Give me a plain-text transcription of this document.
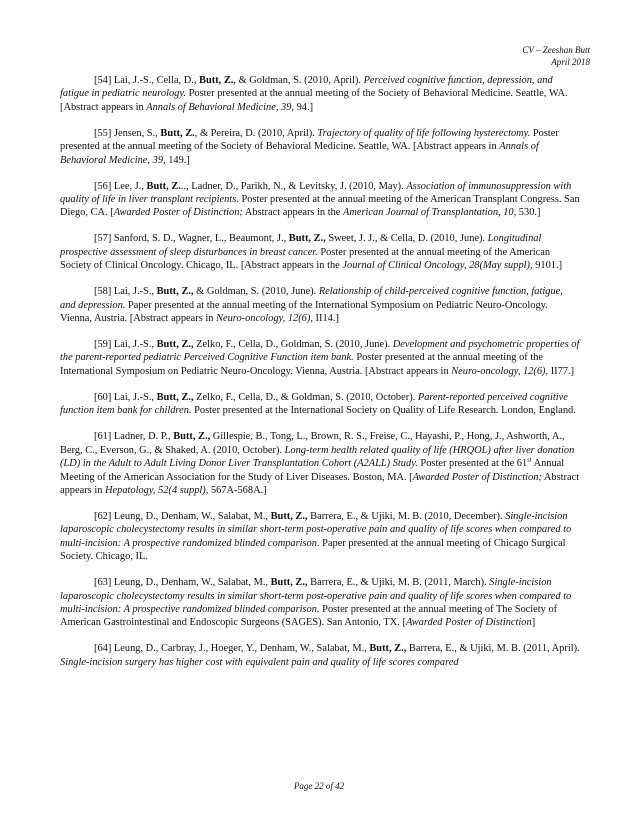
CV – Zeeshan Butt
April 2018

[54] Lai, J.-S., Cella, D., Butt, Z., & Goldman, S. (2010, April). Perceived cognitive function, depression, and fatigue in pediatric neurology. Poster presented at the annual meeting of the Society of Behavioral Medicine. Seattle, WA. [Abstract appears in Annals of Behavioral Medicine, 39, 94.]

[55] Jensen, S., Butt, Z., & Pereira, D. (2010, April). Trajectory of quality of life following hysterectomy. Poster presented at the annual meeting of the Society of Behavioral Medicine. Seattle, WA. [Abstract appears in Annals of Behavioral Medicine, 39, 149.]

[56] Lee, J., Butt, Z..., Ladner, D., Parikh, N., & Levitsky, J. (2010, May). Association of immunosuppression with quality of life in liver transplant recipients. Poster presented at the annual meeting of the American Transplant Congress. San Diego, CA. [Awarded Poster of Distinction; Abstract appears in the American Journal of Transplantation, 10, 530.]

[57] Sanford, S. D., Wagner, L., Beaumont, J., Butt, Z., Sweet, J. J., & Cella, D. (2010, June). Longitudinal prospective assessment of sleep disturbances in breast cancer. Poster presented at the annual meeting of the American Society of Clinical Oncology. Chicago, IL. [Abstract appears in the Journal of Clinical Oncology, 28(May suppl), 9101.]

[58] Lai, J.-S., Butt, Z., & Goldman, S. (2010, June). Relationship of child-perceived cognitive function, fatigue, and depression. Paper presented at the annual meeting of the International Symposium on Pediatric Neuro-Oncology. Vienna, Austria. [Abstract appears in Neuro-oncology, 12(6), II14.]

[59] Lai, J.-S., Butt, Z., Zelko, F., Cella, D., Goldman, S. (2010, June). Development and psychometric properties of the parent-reported pediatric Perceived Cognitive Function item bank. Poster presented at the annual meeting of the International Symposium on Pediatric Neuro-Oncology. Vienna, Austria. [Abstract appears in Neuro-oncology, 12(6), II77.]

[60] Lai, J.-S., Butt, Z., Zelko, F., Cella, D., & Goldman, S. (2010, October). Parent-reported perceived cognitive function item bank for children. Poster presented at the International Society on Quality of Life Research. London, England.

[61] Ladner, D. P., Butt, Z., Gillespie, B., Tong, L., Brown, R. S., Freise, C., Hayashi, P., Hong, J., Ashworth, A., Berg, C., Everson, G., & Shaked, A. (2010, October). Long-term health related quality of life (HRQOL) after liver donation (LD) in the Adult to Adult Living Donor Liver Transplantation Cohort (A2ALL) Study. Poster presented at the 61st Annual Meeting of the American Association for the Study of Liver Diseases. Boston, MA. [Awarded Poster of Distinction; Abstract appears in Hepatology, 52(4 suppl), 567A-568A.]

[62] Leung, D., Denham, W., Salabat, M., Butt, Z., Barrera, E., & Ujiki, M. B. (2010, December). Single-incision laparoscopic cholecystectomy results in similar short-term post-operative pain and quality of life scores when compared to multi-incision: A prospective randomized blinded comparison. Paper presented at the annual meeting of Chicago Surgical Society. Chicago, IL.

[63] Leung, D., Denham, W., Salabat, M., Butt, Z., Barrera, E., & Ujiki, M. B. (2011, March). Single-incision laparoscopic cholecystectomy results in similar short-term post-operative pain and quality of life scores when compared to multi-incision: A prospective randomized blinded comparison. Poster presented at the annual meeting of The Society of American Gastrointestinal and Endoscopic Surgeons (SAGES). San Antonio, TX. [Awarded Poster of Distinction]

[64] Leung, D., Carbray, J., Hoeger, Y., Denham, W., Salabat, M., Butt, Z., Barrera, E., & Ujiki, M. B. (2011, April). Single-incision surgery has higher cost with equivalent pain and quality of life scores compared

Page 22 of 42
